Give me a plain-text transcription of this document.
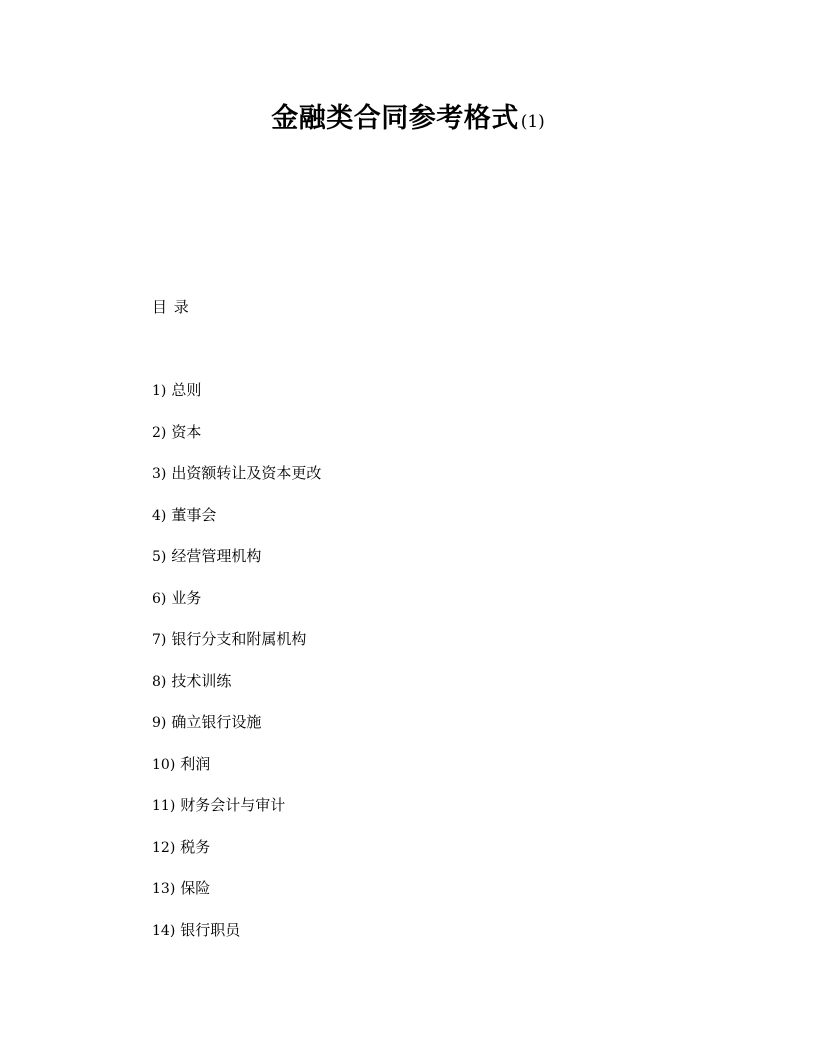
金融类合同参考格式 (1)
目 录
1) 总则
2) 资本
3) 出资额转让及资本更改
4) 董事会
5) 经营管理机构
6) 业务
7) 银行分支和附属机构
8) 技术训练
9) 确立银行设施
10) 利润
11) 财务会计与审计
12) 税务
13) 保险
14) 银行职员
